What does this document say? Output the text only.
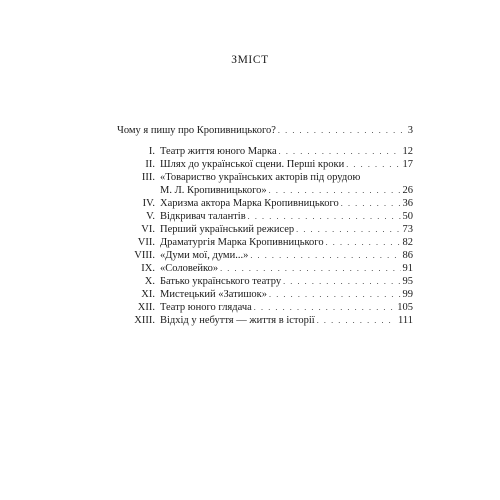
ЗМІСТ
Чому я пишу про Кропивницького? . . .	3
I. Театр життя юного Марка . . .	12
II. Шлях до української сцени. Перші кроки . . .	17
III. «Товариство українських акторів під орудою
М. Л. Кропивницького» . . .	26
IV. Харизма актора Марка Кропивницького . . .	36
V. Відкривач талантів . . .	50
VI. Перший український режисер . . .	73
VII. Драматургія Марка Кропивницького . . .	82
VIII. «Думи мої, думи...» . . .	86
IX. «Соловейко» . . .	91
X. Батько українського театру . . .	95
XI. Мистецький «Затишок» . . .	99
XII. Театр юного глядача . . .	105
XIII. Відхід у небуття — життя в історії . . .	111
